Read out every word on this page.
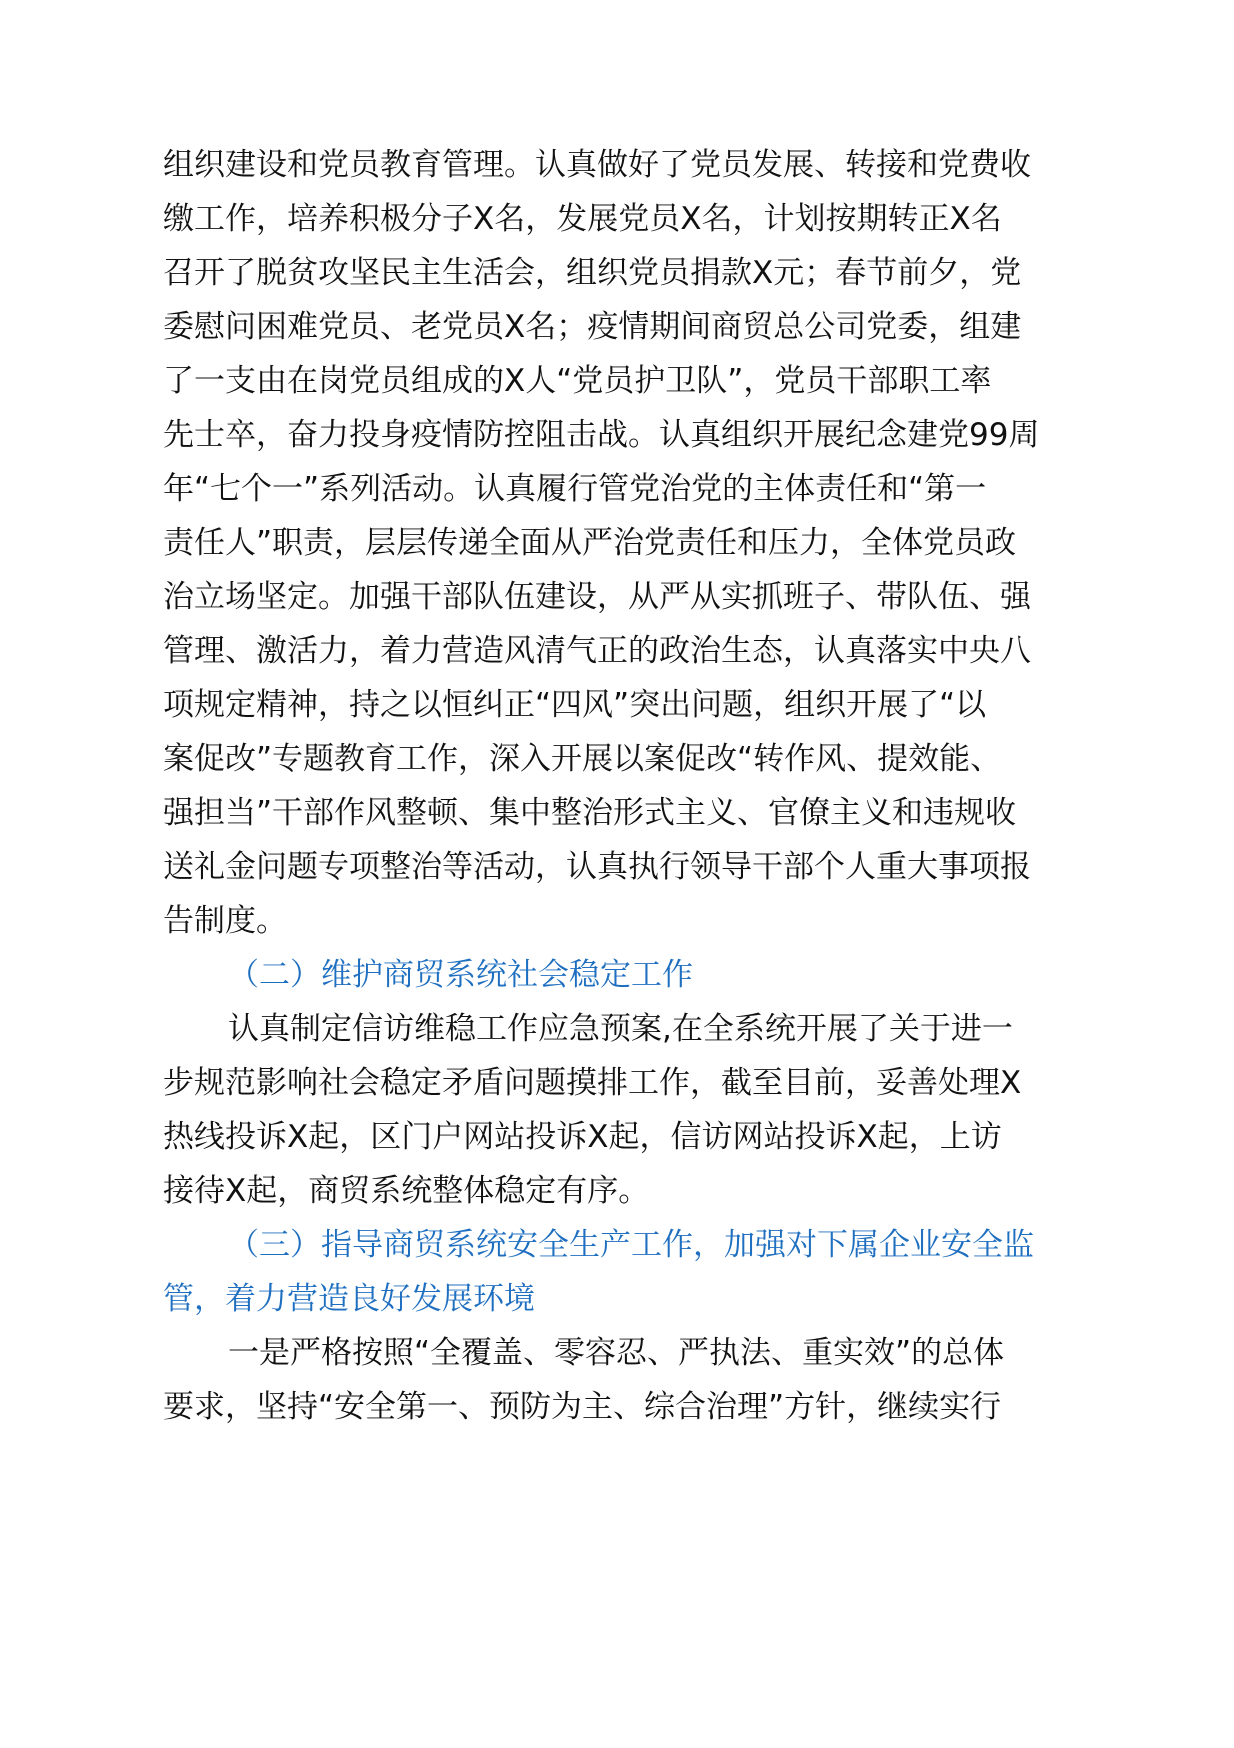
组织建设和党员教育管理。认真做好了党员发展、转接和党费收
缴工作，培养积极分子X名，发展党员X名，计划按期转正X名
召开了脱贫攻坚民主生活会，组织党员捐款X元；春节前夕，党
委慰问困难党员、老党员X名；疫情期间商贸总公司党委，组建
了一支由在岗党员组成的X人“党员护卫队”，党员干部职工率
先士卒，奋力投身疫情防控阻击战。认真组织开展纪念建党99周
年“七个一”系列活动。认真履行管党治党的主体责任和“第一
责任人”职责，层层传递全面从严治党责任和压力，全体党员政
治立场坚定。加强干部队伍建设，从严从实抓班子、带队伍、强
管理、激活力，着力营造风清气正的政治生态，认真落实中央八
项规定精神，持之以恒纠正“四风”突出问题，组织开展了“以
案促改”专题教育工作，深入开展以案促改“转作风、提效能、
强担当”干部作风整顿、集中整治形式主义、官僚主义和违规收
送礼金问题专项整治等活动，认真执行领导干部个人重大事项报
告制度。
（二）维护商贸系统社会稳定工作
认真制定信访维稳工作应急预案,在全系统开展了关于进一
步规范影响社会稳定矛盾问题摸排工作，截至目前，妥善处理X
热线投诉X起，区门户网站投诉X起，信访网站投诉X起，上访
接待X起，商贸系统整体稳定有序。
（三）指导商贸系统安全生产工作，加强对下属企业安全监
管，着力营造良好发展环境
一是严格按照“全覆盖、零容忍、严执法、重实效”的总体
要求，坚持“安全第一、预防为主、综合治理”方针，继续实行
